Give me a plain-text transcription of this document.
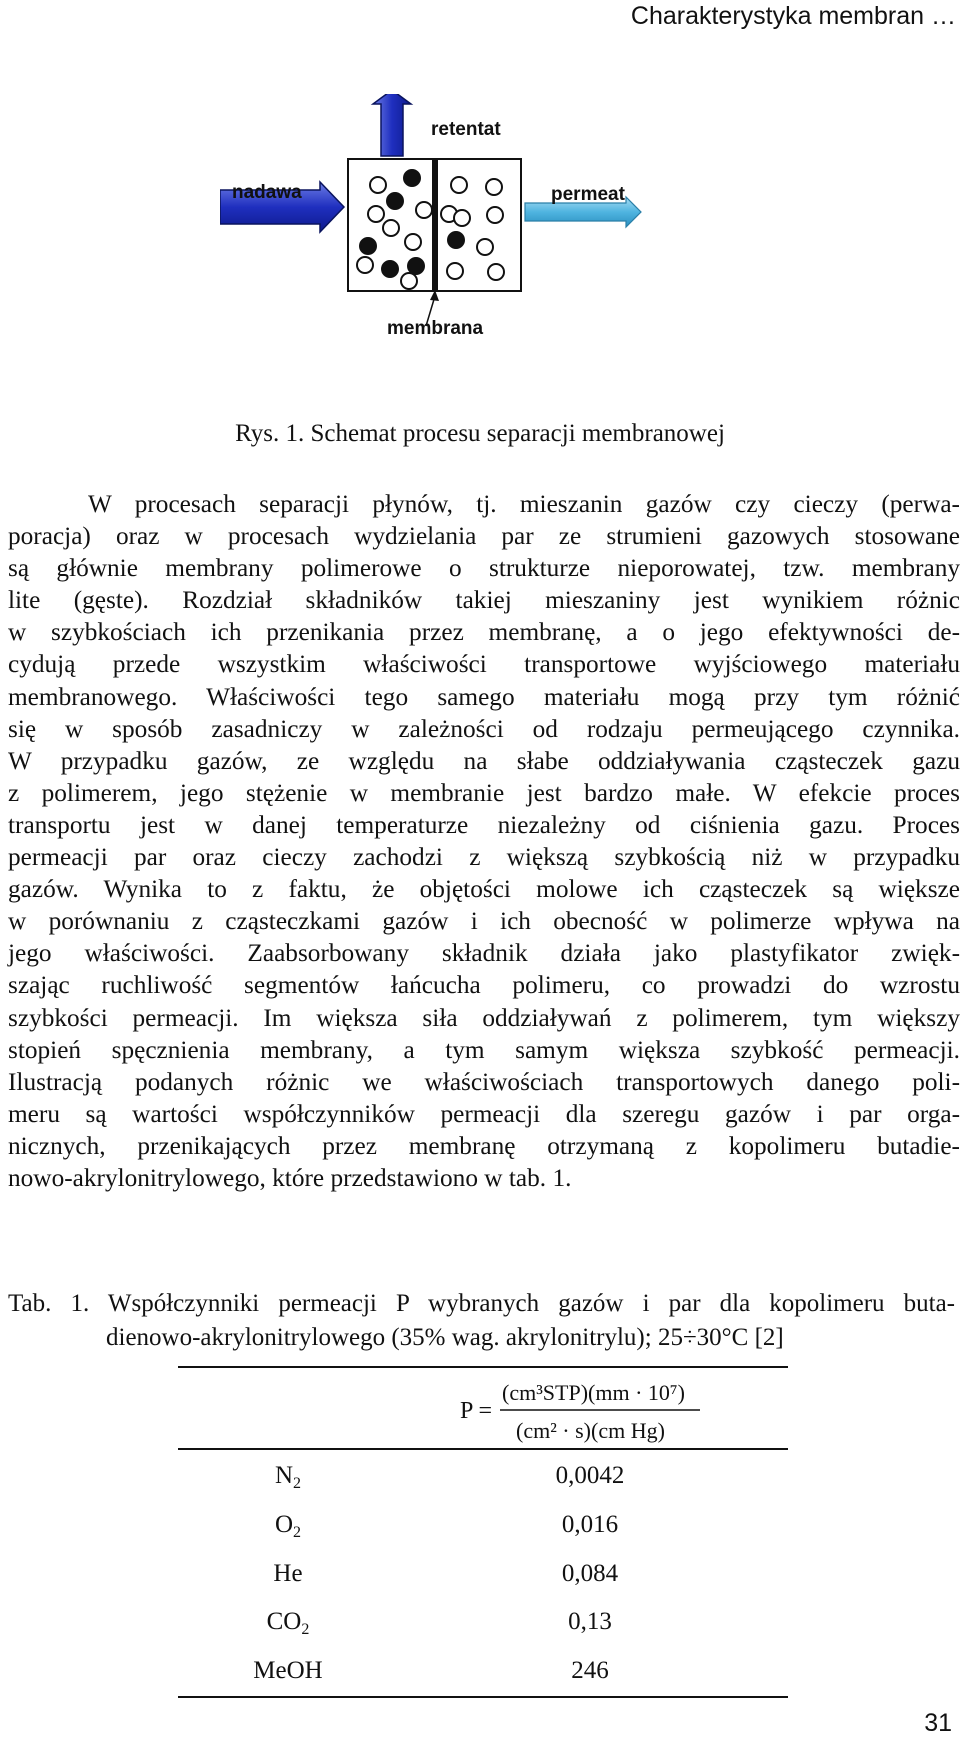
Charakterystyka membran …
nadawa
retentat
permeat
membrana
Rys. 1. Schemat procesu separacji membranowej
W procesach separacji płynów, tj. mieszanin gazów czy cieczy (perwa-
poracja) oraz w procesach wydzielania par ze strumieni gazowych stosowane
są głównie membrany polimerowe o strukturze nieporowatej, tzw. membrany
lite (gęste). Rozdział składników takiej mieszaniny jest wynikiem różnic
w szybkościach ich przenikania przez membranę, a o jego efektywności de-
cydują przede wszystkim właściwości transportowe wyjściowego materiału
membranowego. Właściwości tego samego materiału mogą przy tym różnić
się w sposób zasadniczy w zależności od rodzaju permeującego czynnika.
W przypadku gazów, ze względu na słabe oddziaływania cząsteczek gazu
z polimerem, jego stężenie w membranie jest bardzo małe. W efekcie proces
transportu jest w danej temperaturze niezależny od ciśnienia gazu. Proces
permeacji par oraz cieczy zachodzi z większą szybkością niż w przypadku
gazów. Wynika to z faktu, że objętości molowe ich cząsteczek są większe
w porównaniu z cząsteczkami gazów i ich obecność w polimerze wpływa na
jego właściwości. Zaabsorbowany składnik działa jako plastyfikator zwięk-
szając ruchliwość segmentów łańcucha polimeru, co prowadzi do wzrostu
szybkości permeacji. Im większa siła oddziaływań z polimerem, tym większy
stopień spęcznienia membrany, a tym samym większa szybkość permeacji.
Ilustracją podanych różnic we właściwościach transportowych danego poli-
meru są wartości współczynników permeacji dla szeregu gazów i par orga-
nicznych, przenikających przez membranę otrzymaną z kopolimeru butadie-
nowo-akrylonitrylowego, które przedstawiono w tab. 1.
Tab. 1. Współczynniki permeacji P wybranych gazów i par dla kopolimeru buta-
dienowo-akrylonitrylowego (35% wag. akrylonitrylu); 25÷30°C [2]
P =
(cm³STP)(mm · 10⁷)
(cm² · s)(cm Hg)
$N_2$	0,0042
$O_2$	0,016
He	0,084
$CO_2$	0,13
MeOH	246
31
